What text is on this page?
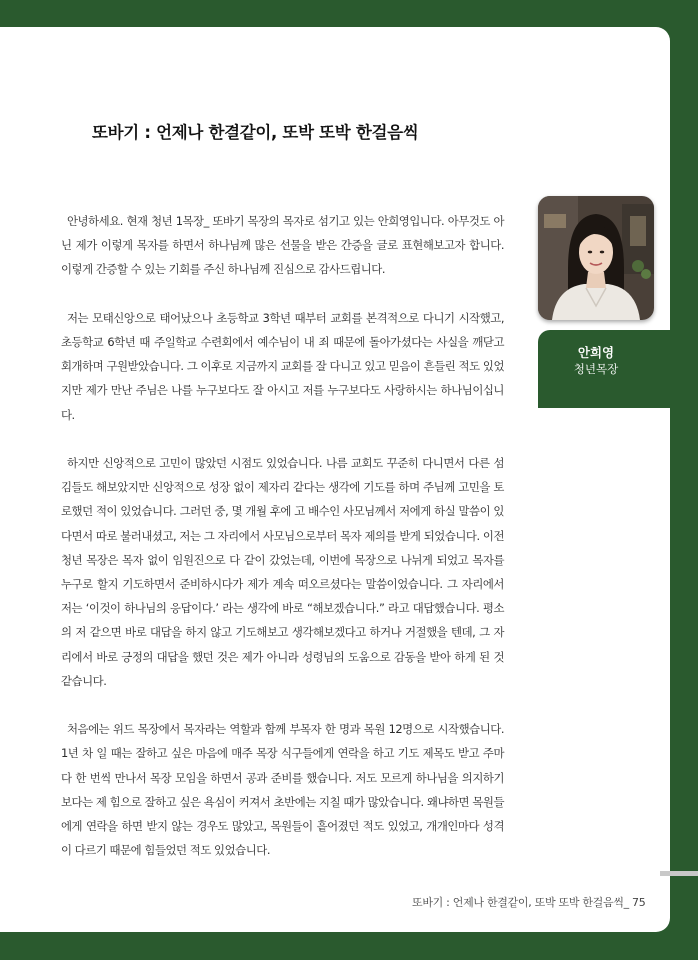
또바기 : 언제나 한결같이, 또박 또박 한걸음씩

안녕하세요. 현재 청년 1목장_ 또바기 목장의 목자로 섬기고 있는 안희영입니다. 아무것도 아닌 제가 이렇게 목자를 하면서 하나님께 많은 선물을 받은 간증을 글로 표현해보고자 합니다. 이렇게 간증할 수 있는 기회를 주신 하나님께 진심으로 감사드립니다.

저는 모태신앙으로 태어났으나 초등학교 3학년 때부터 교회를 본격적으로 다니기 시작했고, 초등학교 6학년 때 주일학교 수련회에서 예수님이 내 죄 때문에 돌아가셨다는 사실을 깨닫고 회개하며 구원받았습니다. 그 이후로 지금까지 교회를 잘 다니고 있고 믿음이 흔들린 적도 있었지만 제가 만난 주님은 나를 누구보다도 잘 아시고 저를 누구보다도 사랑하시는 하나님이십니다.

하지만 신앙적으로 고민이 많았던 시점도 있었습니다. 나름 교회도 꾸준히 다니면서 다른 섬김들도 해보았지만 신앙적으로 성장 없이 제자리 같다는 생각에 기도를 하며 주님께 고민을 토로했던 적이 있었습니다. 그러던 중, 몇 개월 후에 고 배수인 사모님께서 저에게 하실 말씀이 있다면서 따로 불러내셨고, 저는 그 자리에서 사모님으로부터 목자 제의를 받게 되었습니다. 이전 청년 목장은 목자 없이 임원진으로 다 같이 갔었는데, 이번에 목장으로 나뉘게 되었고 목자를 누구로 할지 기도하면서 준비하시다가 제가 계속 떠오르셨다는 말씀이었습니다. 그 자리에서 저는 ‘이것이 하나님의 응답이다.’ 라는 생각에 바로 “해보겠습니다.” 라고 대답했습니다. 평소의 저 같으면 바로 대답을 하지 않고 기도해보고 생각해보겠다고 하거나 거절했을 텐데, 그 자리에서 바로 긍정의 대답을 했던 것은 제가 아니라 성령님의 도움으로 감동을 받아 하게 된 것 같습니다.

처음에는 위드 목장에서 목자라는 역할과 함께 부목자 한 명과 목원 12명으로 시작했습니다. 1년 차 일 때는 잘하고 싶은 마음에 매주 목장 식구들에게 연락을 하고 기도 제목도 받고 주마다 한 번씩 만나서 목장 모임을 하면서 공과 준비를 했습니다. 저도 모르게 하나님을 의지하기보다는 제 힘으로 잘하고 싶은 욕심이 커져서 초반에는 지칠 때가 많았습니다. 왜냐하면 목원들에게 연락을 하면 받지 않는 경우도 많았고, 목원들이 흩어졌던 적도 있었고, 개개인마다 성격이 다르기 때문에 힘들었던 적도 있었습니다.

안희영
청년목장
또바기 : 언제나 한결같이, 또박 또박 한걸음씩_ 75
